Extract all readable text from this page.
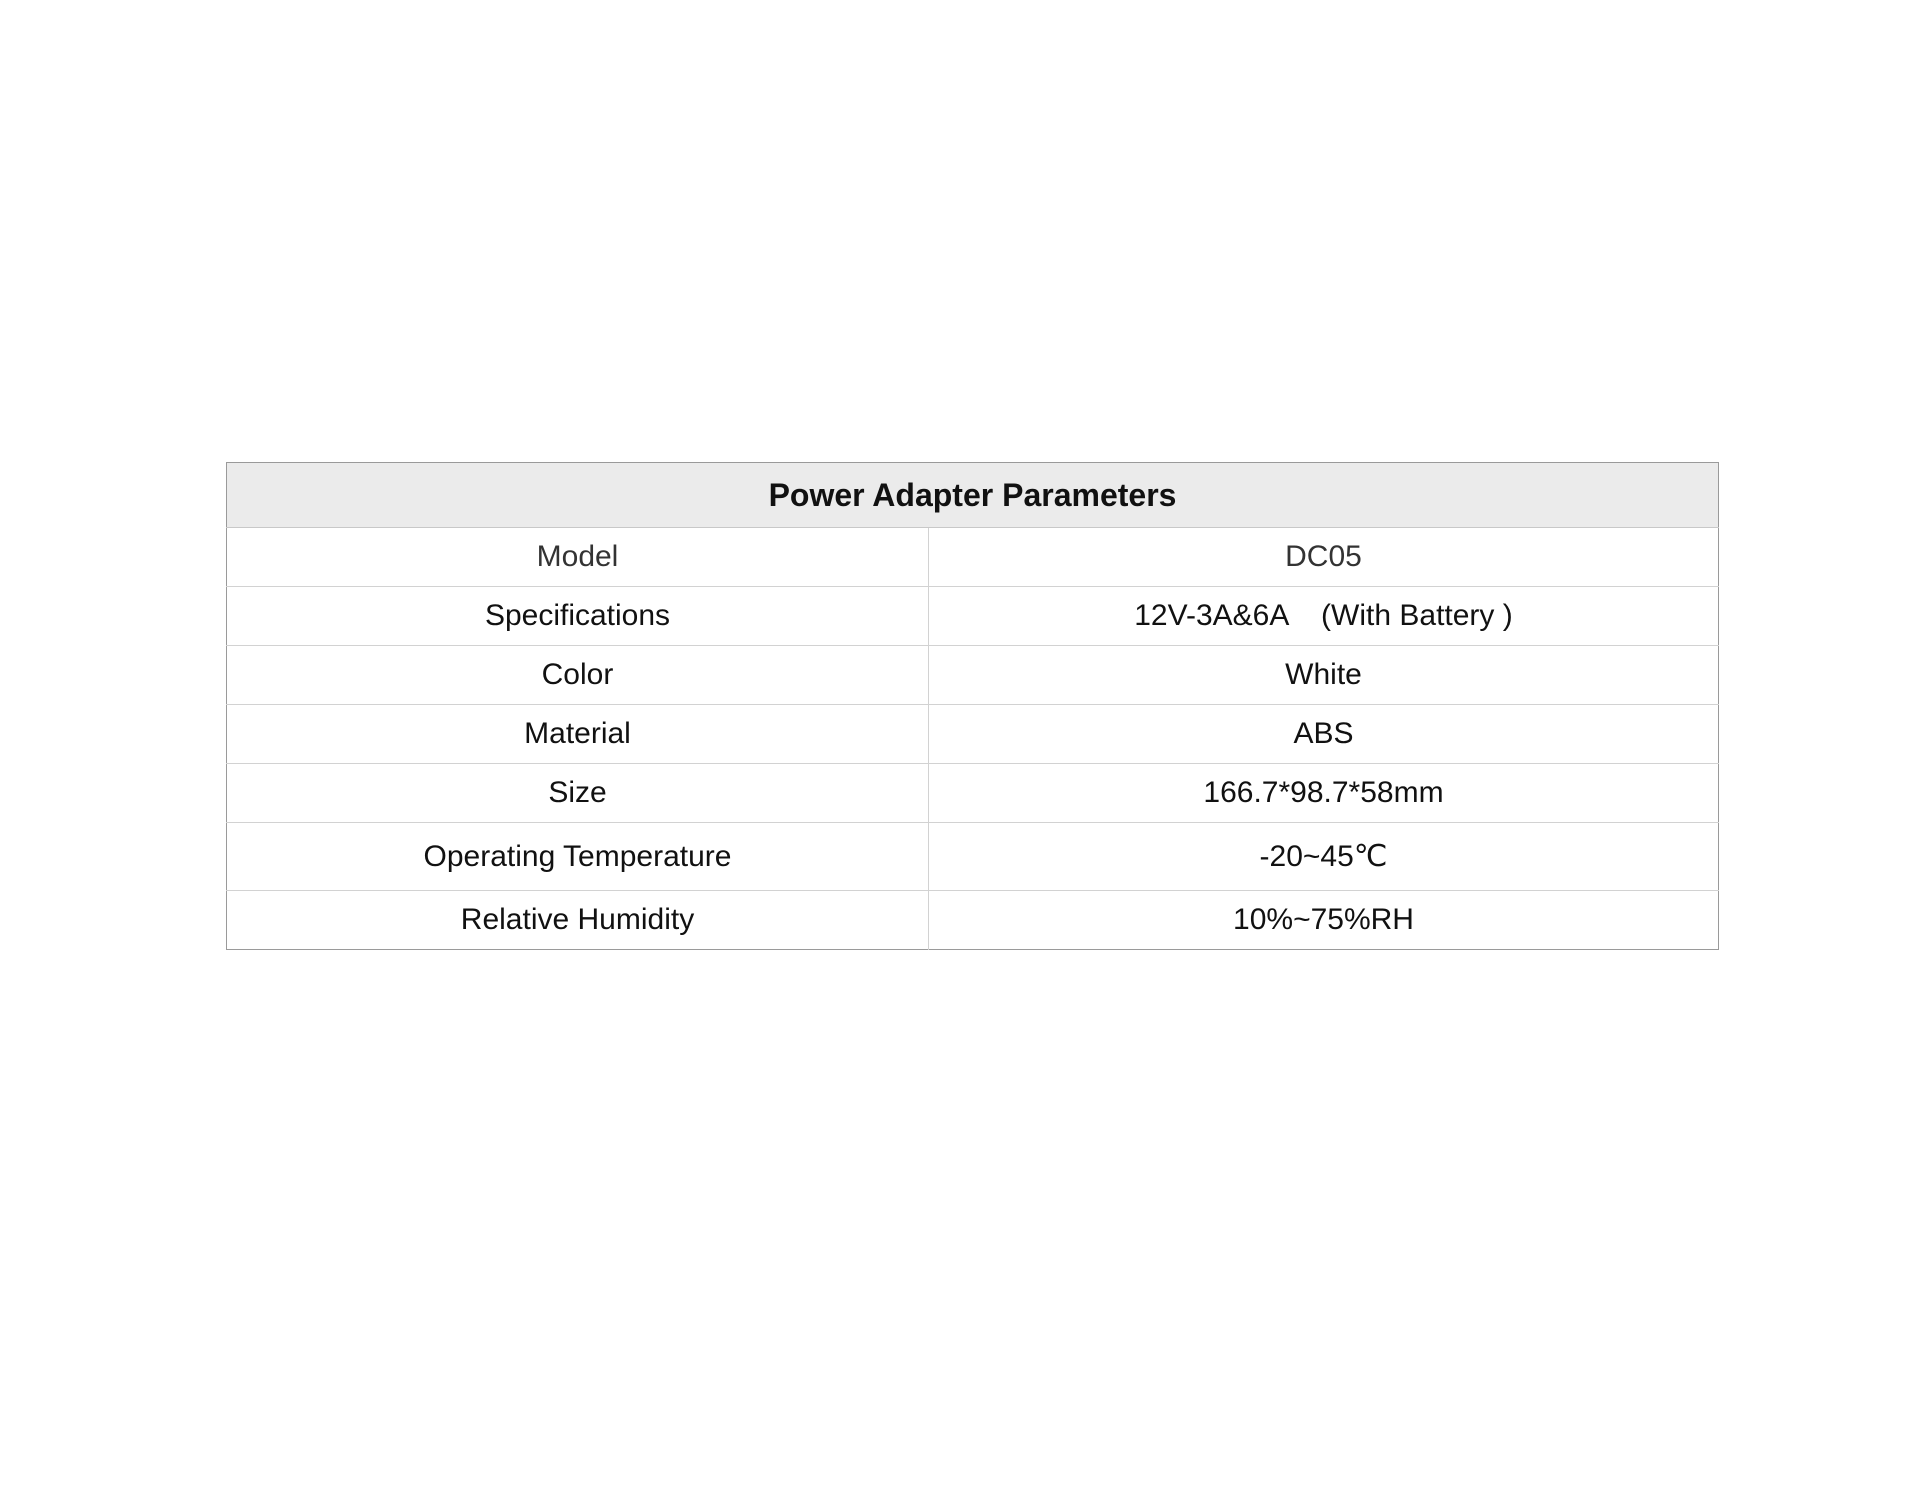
Power Adapter Parameters	
Model	DC05
Specifications	12V-3A&6A    (With Battery )
Color	White
Material	ABS
Size	166.7*98.7*58mm
Operating Temperature	-20~45℃
Relative Humidity	10%~75%RH
